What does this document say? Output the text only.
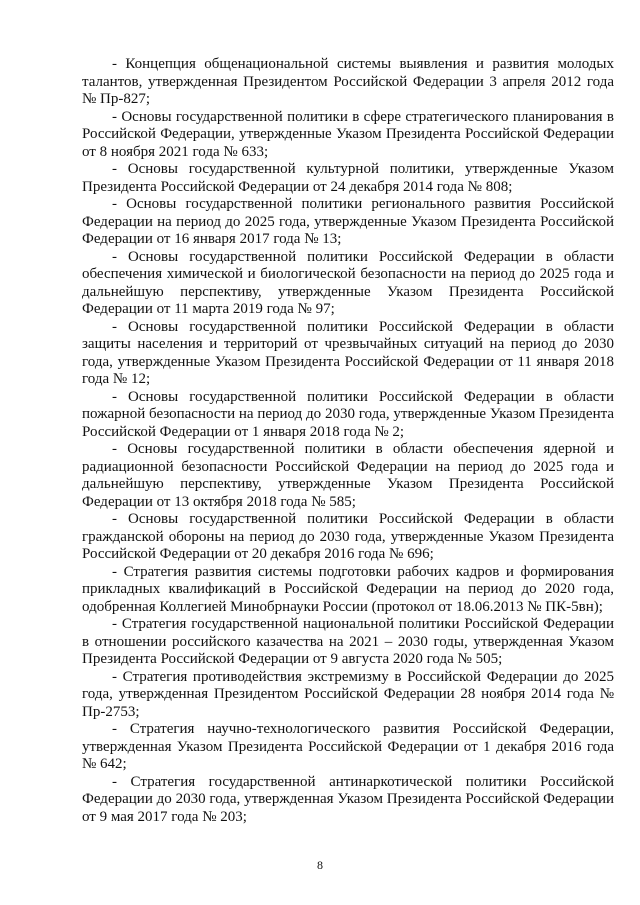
- Концепция общенациональной системы выявления и развития молодых талантов, утвержденная Президентом Российской Федерации 3 апреля 2012 года № Пр-827;

- Основы государственной политики в сфере стратегического планирования в Российской Федерации, утвержденные Указом Президента Российской Федерации от 8 ноября 2021 года № 633;

- Основы государственной культурной политики, утвержденные Указом Президента Российской Федерации от 24 декабря 2014 года № 808;

- Основы государственной политики регионального развития Российской Федерации на период до 2025 года, утвержденные Указом Президента Российской Федерации от 16 января 2017 года № 13;

- Основы государственной политики Российской Федерации в области обеспечения химической и биологической безопасности на период до 2025 года и дальнейшую перспективу, утвержденные Указом Президента Российской Федерации от 11 марта 2019 года № 97;

- Основы государственной политики Российской Федерации в области защиты населения и территорий от чрезвычайных ситуаций на период до 2030 года, утвержденные Указом Президента Российской Федерации от 11 января 2018 года № 12;

- Основы государственной политики Российской Федерации в области пожарной безопасности на период до 2030 года, утвержденные Указом Президента Российской Федерации от 1 января 2018 года № 2;

- Основы государственной политики в области обеспечения ядерной и радиационной безопасности Российской Федерации на период до 2025 года и дальнейшую перспективу, утвержденные Указом Президента Российской Федерации от 13 октября 2018 года № 585;

- Основы государственной политики Российской Федерации в области гражданской обороны на период до 2030 года, утвержденные Указом Президента Российской Федерации от 20 декабря 2016 года № 696;

- Стратегия развития системы подготовки рабочих кадров и формирования прикладных квалификаций в Российской Федерации на период до 2020 года, одобренная Коллегией Минобрнауки России (протокол от 18.06.2013 № ПК-5вн);

- Стратегия государственной национальной политики Российской Федерации в отношении российского казачества на 2021 – 2030 годы, утвержденная Указом Президента Российской Федерации от 9 августа 2020 года № 505;

- Стратегия противодействия экстремизму в Российской Федерации до 2025 года, утвержденная Президентом Российской Федерации 28 ноября 2014 года № Пр-2753;

- Стратегия научно-технологического развития Российской Федерации, утвержденная Указом Президента Российской Федерации от 1 декабря 2016 года № 642;

- Стратегия государственной антинаркотической политики Российской Федерации до 2030 года, утвержденная Указом Президента Российской Федерации от 9 мая 2017 года № 203;

8
